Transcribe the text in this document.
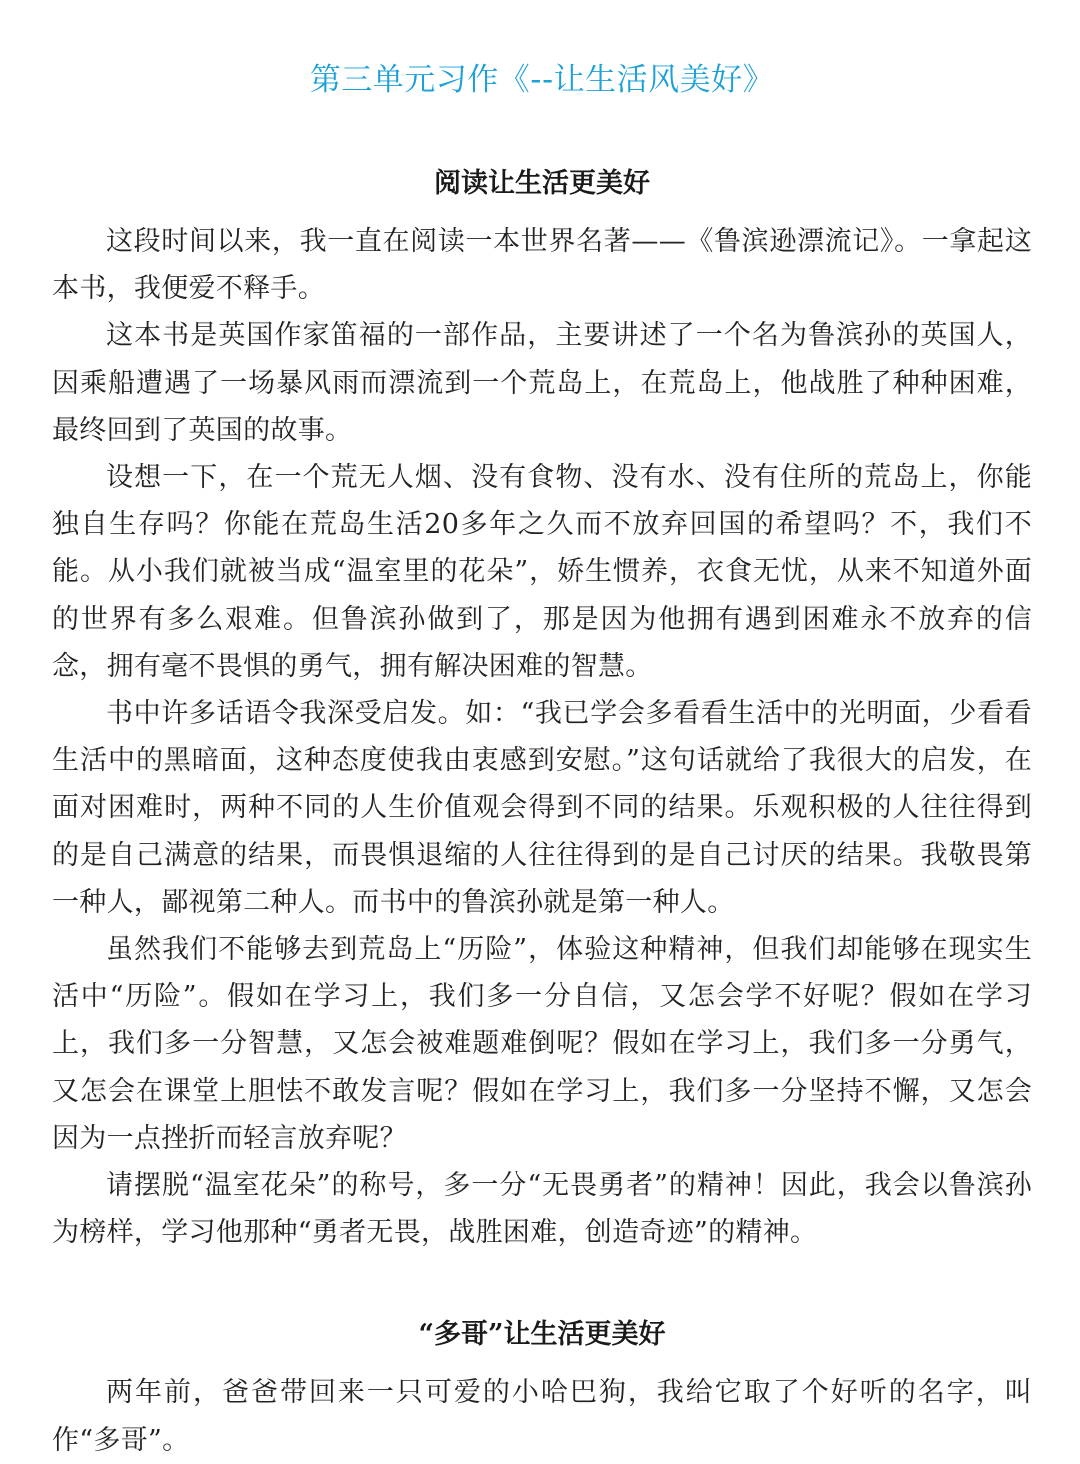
第三单元习作《--让生活风美好》
阅读让生活更美好

这段时间以来，我一直在阅读一本世界名著——《鲁滨逊漂流记》。一拿起这本书，我便爱不释手。

这本书是英国作家笛福的一部作品，主要讲述了一个名为鲁滨孙的英国人，因乘船遭遇了一场暴风雨而漂流到一个荒岛上，在荒岛上，他战胜了种种困难，最终回到了英国的故事。

设想一下，在一个荒无人烟、没有食物、没有水、没有住所的荒岛上，你能独自生存吗？你能在荒岛生活20多年之久而不放弃回国的希望吗？不，我们不能。从小我们就被当成“温室里的花朵”，娇生惯养，衣食无忧，从来不知道外面的世界有多么艰难。但鲁滨孙做到了，那是因为他拥有遇到困难永不放弃的信念，拥有毫不畏惧的勇气，拥有解决困难的智慧。

书中许多话语令我深受启发。如：“我已学会多看看生活中的光明面，少看看生活中的黑暗面，这种态度使我由衷感到安慰。”这句话就给了我很大的启发，在面对困难时，两种不同的人生价值观会得到不同的结果。乐观积极的人往往得到的是自己满意的结果，而畏惧退缩的人往往得到的是自己讨厌的结果。我敬畏第一种人，鄙视第二种人。而书中的鲁滨孙就是第一种人。

虽然我们不能够去到荒岛上“历险”，体验这种精神，但我们却能够在现实生活中“历险”。假如在学习上，我们多一分自信，又怎会学不好呢？假如在学习上，我们多一分智慧，又怎会被难题难倒呢？假如在学习上，我们多一分勇气，又怎会在课堂上胆怯不敢发言呢？假如在学习上，我们多一分坚持不懈，又怎会因为一点挫折而轻言放弃呢？

请摆脱“温室花朵”的称号，多一分“无畏勇者”的精神！因此，我会以鲁滨孙为榜样，学习他那种“勇者无畏，战胜困难，创造奇迹”的精神。

“多哥”让生活更美好

两年前，爸爸带回来一只可爱的小哈巴狗，我给它取了个好听的名字，叫作“多哥”。
